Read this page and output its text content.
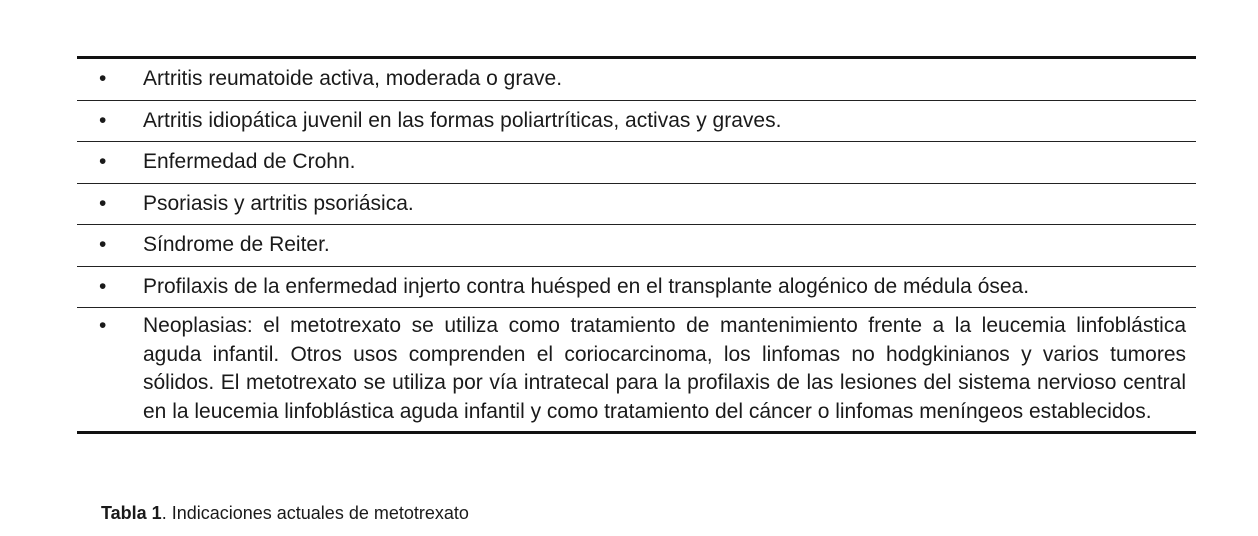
•	Artritis reumatoide activa, moderada o grave.
•	Artritis idiopática juvenil en las formas poliartríticas, activas y graves.
•	Enfermedad de Crohn.
•	Psoriasis y artritis psoriásica.
•	Síndrome de Reiter.
•	Profilaxis de la enfermedad injerto contra huésped en el transplante alogénico de médula ósea.
•	Neoplasias: el metotrexato se utiliza como tratamiento de mantenimiento frente a la leucemia linfoblástica aguda infantil. Otros usos comprenden el coriocarcinoma, los linfomas no hodgkinianos y varios tumores sólidos. El metotrexato se utiliza por vía intratecal para la profilaxis de las lesiones del sistema nervioso central en la leucemia linfoblástica aguda infantil y como tratamiento del cáncer o linfomas meníngeos establecidos.
Tabla 1. Indicaciones actuales de metotrexato
